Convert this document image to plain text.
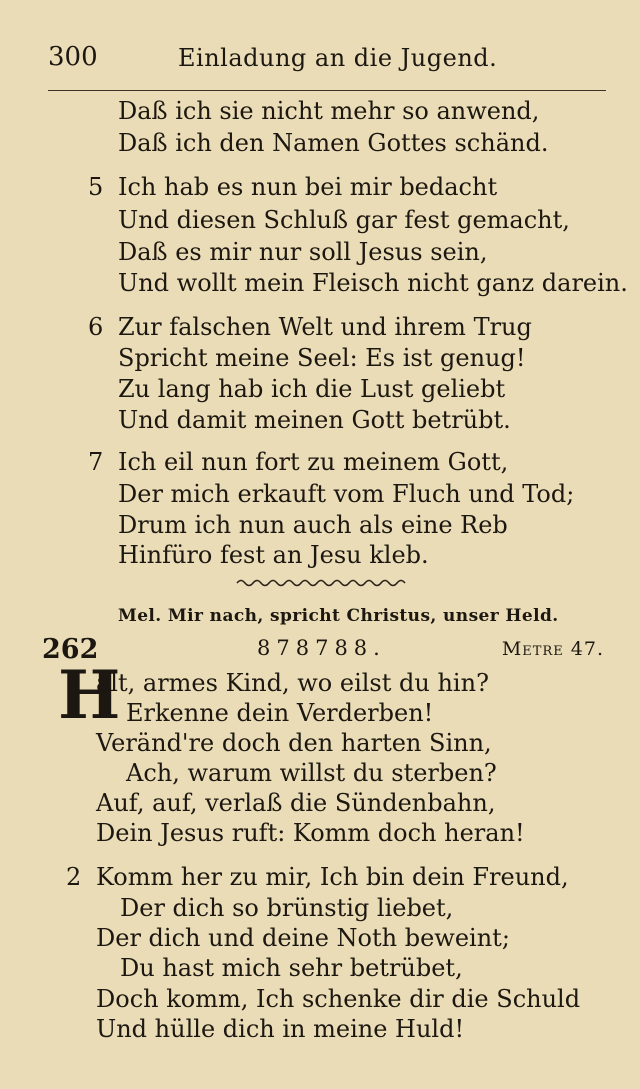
300	Einladung an die Jugend.
Daß ich sie nicht mehr so anwend,
Daß ich den Namen Gottes schänd.
5 Ich hab es nun bei mir bedacht
Und diesen Schluß gar fest gemacht,
Daß es mir nur soll Jesus sein,
Und wollt mein Fleisch nicht ganz darein.
6 Zur falschen Welt und ihrem Trug
Spricht meine Seel: Es ist genug!
Zu lang hab ich die Lust geliebt
Und damit meinen Gott betrübt.
7 Ich eil nun fort zu meinem Gott,
Der mich erkauft vom Fluch und Tod;
Drum ich nun auch als eine Reb
Hinfüro fest an Jesu kleb.
Mel. Mir nach, spricht Christus, unser Held.
262	878788.	Metre 47.
H
alt, armes Kind, wo eilst du hin?
Erkenne dein Verderben!
Veränd're doch den harten Sinn,
Ach, warum willst du sterben?
Auf, auf, verlaß die Sündenbahn,
Dein Jesus ruft: Komm doch heran!
2 Komm her zu mir, Ich bin dein Freund,
Der dich so brünstig liebet,
Der dich und deine Noth beweint;
Du hast mich sehr betrübet,
Doch komm, Ich schenke dir die Schuld
Und hülle dich in meine Huld!
